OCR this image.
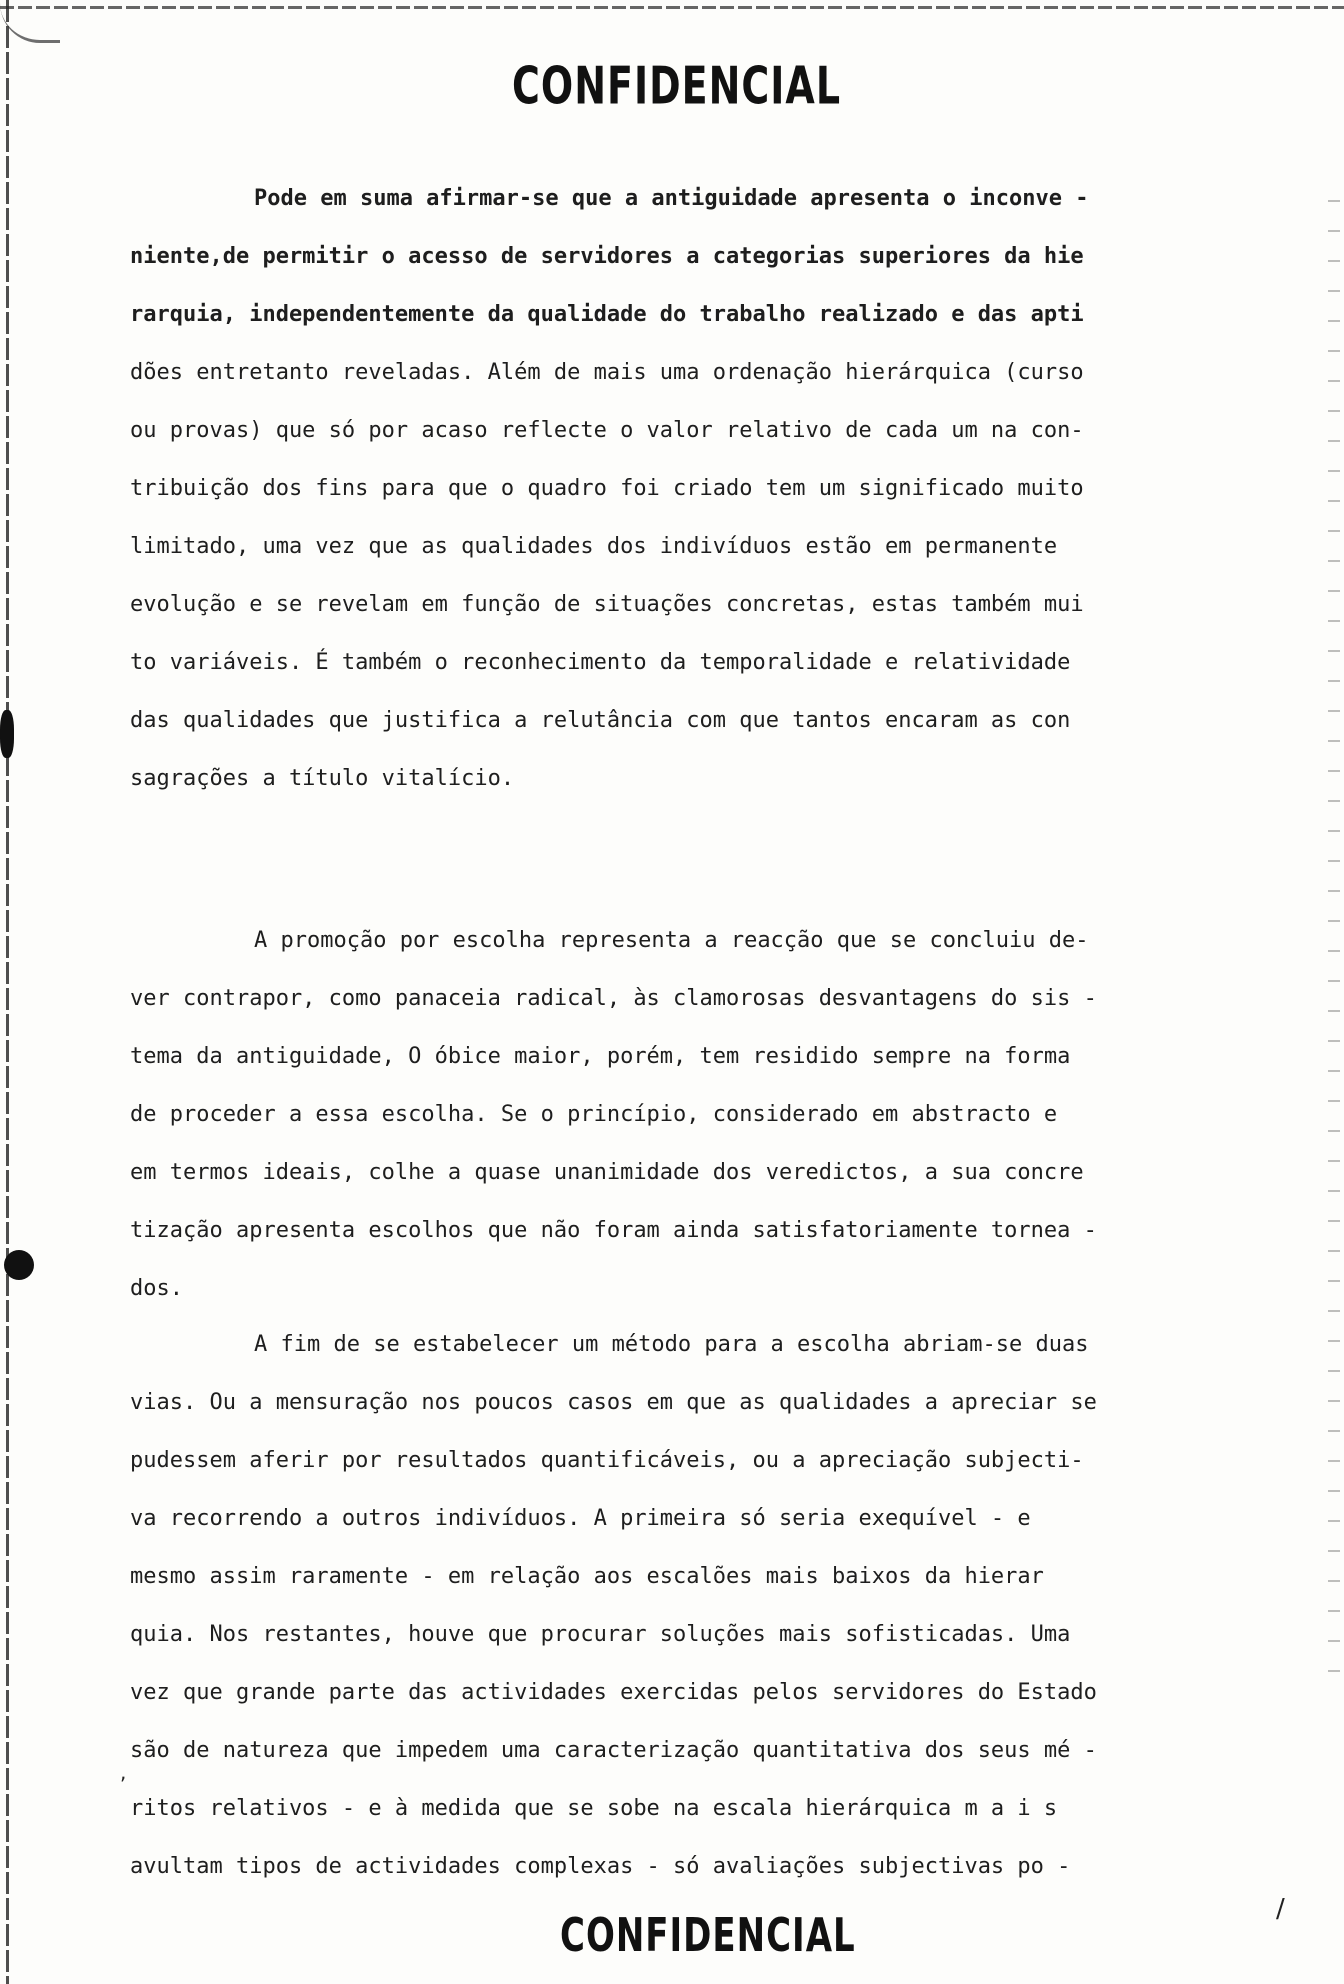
CONFIDENCIAL
Pode em suma afirmar-se que a antiguidade apresenta o inconve -
niente,de permitir o acesso de servidores a categorias superiores da hie
rarquia, independentemente da qualidade do trabalho realizado e das apti
dões entretanto reveladas. Além de mais uma ordenação hierárquica (curso
ou provas) que só por acaso reflecte o valor relativo de cada um na con-
tribuição dos fins para que o quadro foi criado tem um significado muito
limitado, uma vez que as qualidades dos indivíduos estão em permanente
evolução e se revelam em função de situações concretas, estas também mui
to variáveis. É também o reconhecimento da temporalidade e relatividade
das qualidades que justifica a relutância com que tantos encaram as con
sagrações a título vitalício.
A promoção por escolha representa a reacção que se concluiu de-
ver contrapor, como panaceia radical, às clamorosas desvantagens do sis -
tema da antiguidade, O óbice maior, porém, tem residido sempre na forma
de proceder a essa escolha. Se o princípio, considerado em abstracto e
em termos ideais, colhe a quase unanimidade dos veredictos, a sua concre
tização apresenta escolhos que não foram ainda satisfatoriamente tornea -
dos.
A fim de se estabelecer um método para a escolha abriam-se duas
vias. Ou a mensuração nos poucos casos em que as qualidades a apreciar se
pudessem aferir por resultados quantificáveis, ou a apreciação subjecti-
va recorrendo a outros indivíduos. A primeira só seria exequível - e
mesmo assim raramente - em relação aos escalões mais baixos da hierar
quia. Nos restantes, houve que procurar soluções mais sofisticadas. Uma
vez que grande parte das actividades exercidas pelos servidores do Estado
são de natureza que impedem uma caracterização quantitativa dos seus mé -
ritos relativos - e à medida que se sobe na escala hierárquica m a i s
avultam tipos de actividades complexas - só avaliações subjectivas po -
CONFIDENCIAL	/
,
